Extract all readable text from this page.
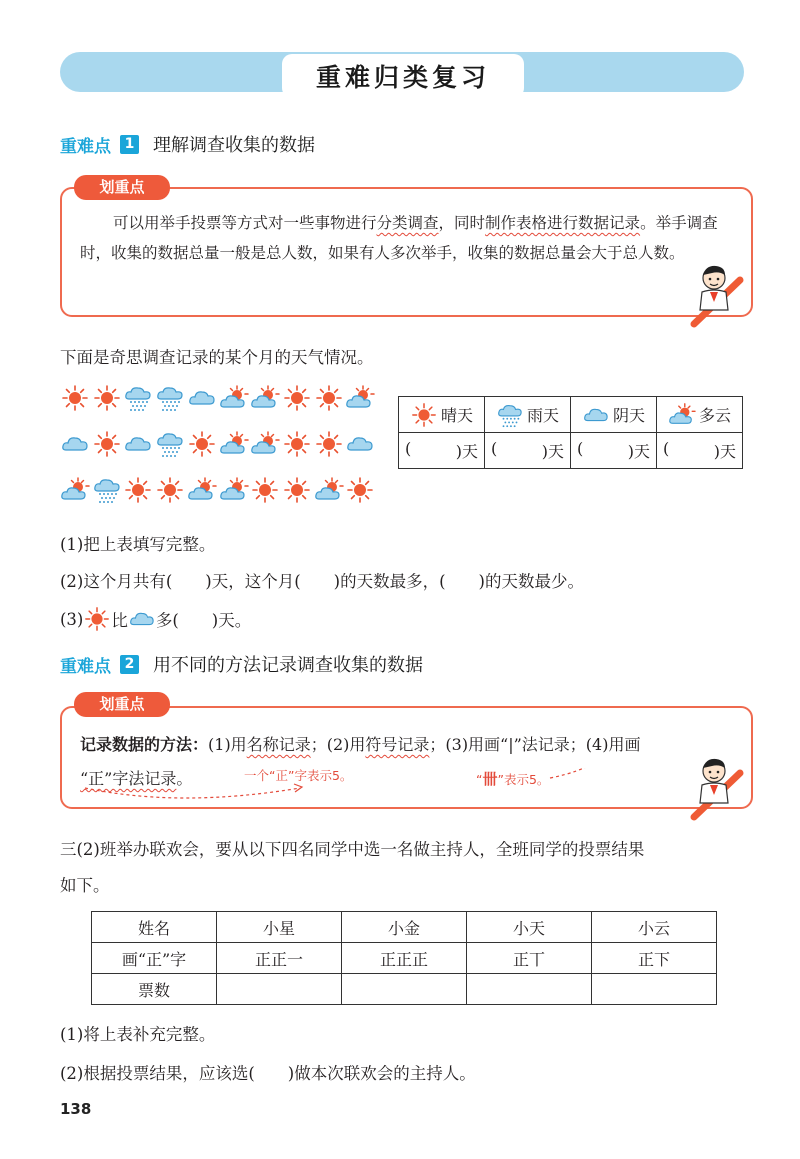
重难归类复习
重难点 1 理解调查收集的数据
划重点
可以用举手投票等方式对一些事物进行分类调查，同时制作表格进行数据记录。举手调查时，收集的数据总量一般是总人数，如果有人多次举手，收集的数据总量会大于总人数。
下面是奇思调查记录的某个月的天气情况。
晴天	雨天	阴天	多云

( )天	( )天	( )天	( )天
(1)把上表填写完整。
(2)这个月共有(　　)天，这个月(　　)的天数最多，(　　)的天数最少。
(3) 比 多(　　)天。
重难点 2 用不同的方法记录调查收集的数据
划重点
记录数据的方法：(1)用名称记录；(2)用符号记录；(3)用画“|”法记录；(4)用画
“正”字法记录。	一个“正”字表示5。	“卌”表示5。
三(2)班举办联欢会，要从以下四名同学中选一名做主持人，全班同学的投票结果
如下。
姓名	小星	小金	小天	小云
画“正”字	正正一	正正正	正丅	正下
票数				
(1)将上表补充完整。
(2)根据投票结果，应该选(　　)做本次联欢会的主持人。
138
